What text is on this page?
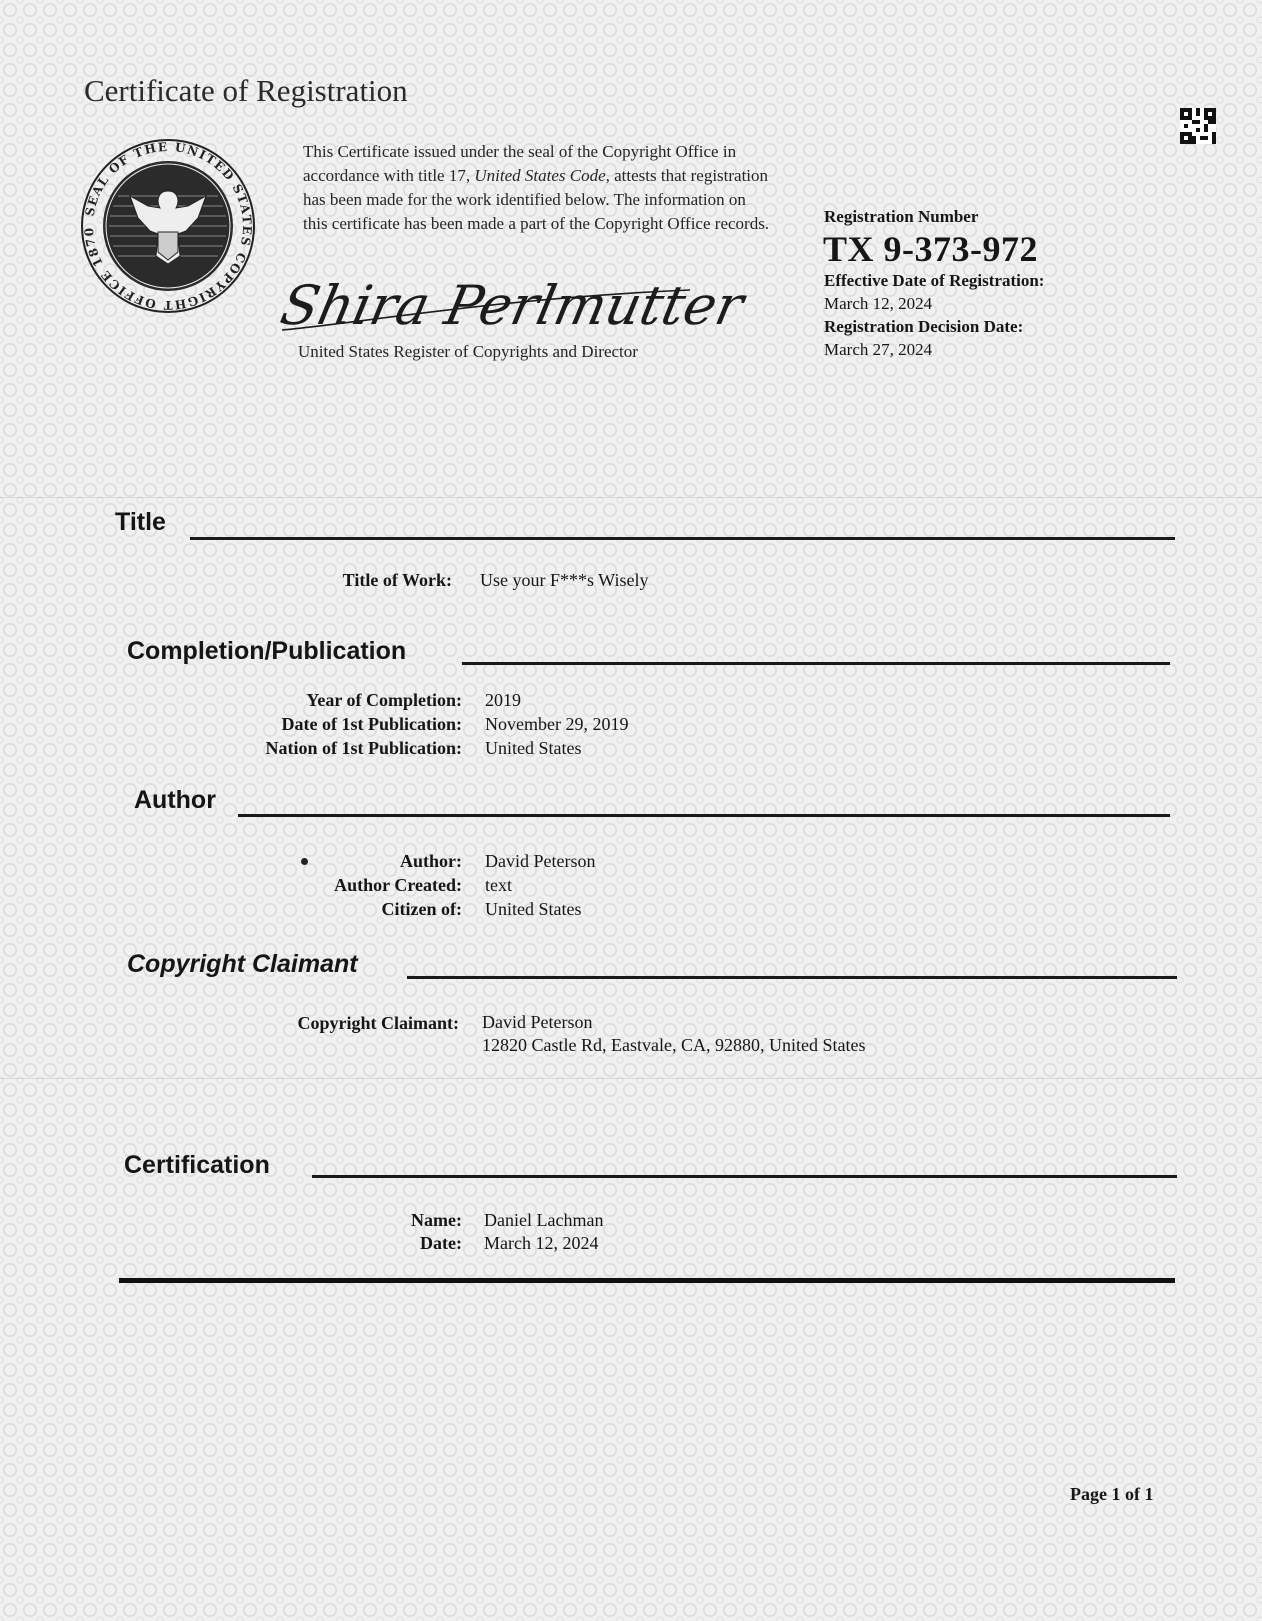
Certificate of Registration
SEAL OF THE UNITED STATES COPYRIGHT OFFICE 1870
This Certificate issued under the seal of the Copyright Office in accordance with title 17, United States Code, attests that registration has been made for the work identified below. The information on this certificate has been made a part of the Copyright Office records.
Shira Perlmutter
United States Register of Copyrights and Director
Registration Number
TX 9-373-972
Effective Date of Registration:
March 12, 2024
Registration Decision Date:
March 27, 2024
Title
Title of Work: Use your F***s Wisely
Completion/Publication
Year of Completion: 2019
Date of 1st Publication: November 29, 2019
Nation of 1st Publication: United States
Author
Author: David Peterson
Author Created: text
Citizen of: United States
Copyright Claimant
Copyright Claimant: David Peterson
12820 Castle Rd, Eastvale, CA, 92880, United States
Certification
Name: Daniel Lachman
Date: March 12, 2024
Page 1 of 1
